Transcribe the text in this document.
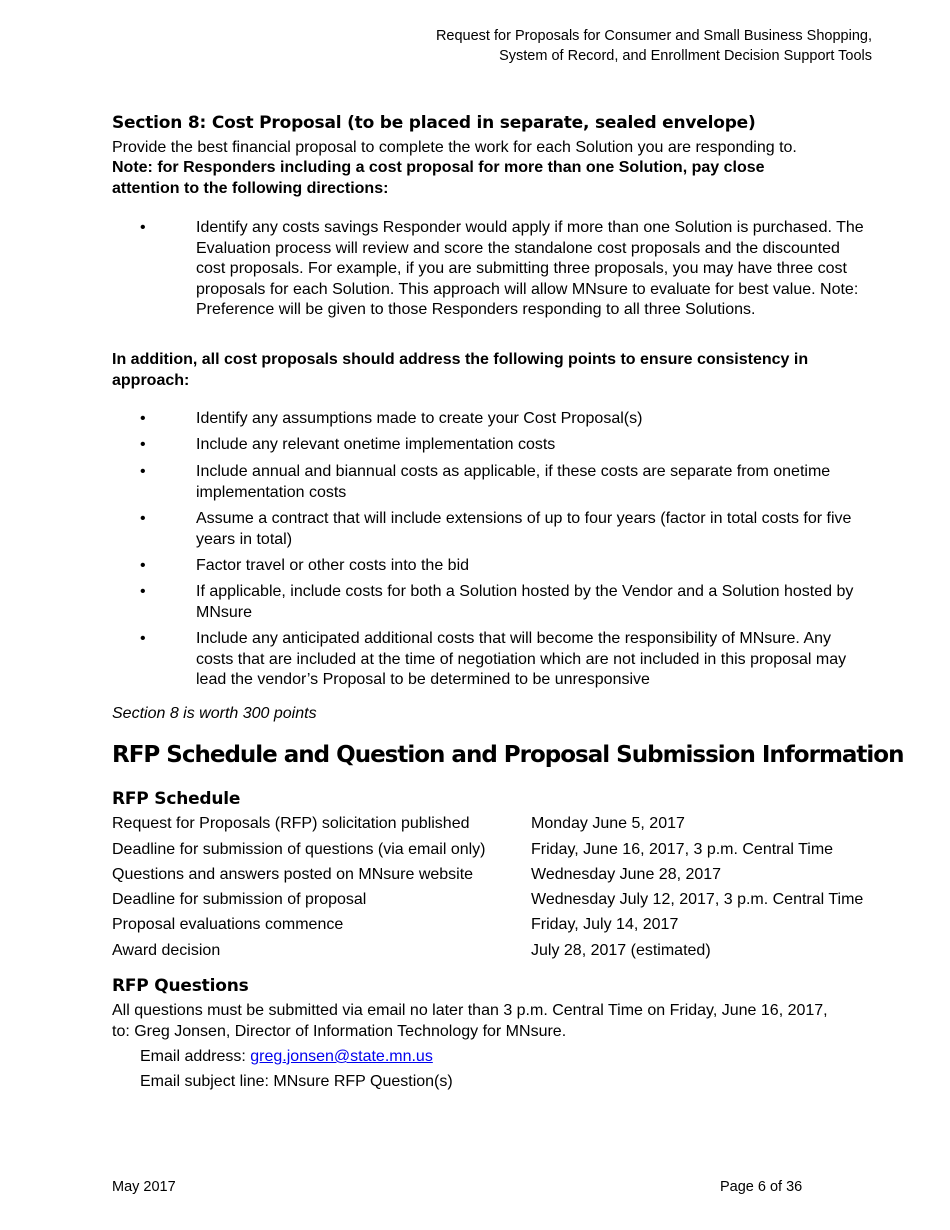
Request for Proposals for Consumer and Small Business Shopping,
System of Record, and Enrollment Decision Support Tools
Section 8: Cost Proposal (to be placed in separate, sealed envelope)
Provide the best financial proposal to complete the work for each Solution you are responding to.
Note: for Responders including a cost proposal for more than one Solution, pay close attention to the following directions:
•	Identify any costs savings Responder would apply if more than one Solution is purchased. The Evaluation process will review and score the standalone cost proposals and the discounted cost proposals. For example, if you are submitting three proposals, you may have three cost proposals for each Solution. This approach will allow MNsure to evaluate for best value. Note: Preference will be given to those Responders responding to all three Solutions.
In addition, all cost proposals should address the following points to ensure consistency in approach:
•	Identify any assumptions made to create your Cost Proposal(s)
•	Include any relevant onetime implementation costs
•	Include annual and biannual costs as applicable, if these costs are separate from onetime implementation costs
•	Assume a contract that will include extensions of up to four years (factor in total costs for five years in total)
•	Factor travel or other costs into the bid
•	If applicable, include costs for both a Solution hosted by the Vendor and a Solution hosted by MNsure
•	Include any anticipated additional costs that will become the responsibility of MNsure. Any costs that are included at the time of negotiation which are not included in this proposal may lead the vendor’s Proposal to be determined to be unresponsive
Section 8 is worth 300 points
RFP Schedule and Question and Proposal Submission Information
RFP Schedule
Request for Proposals (RFP) solicitation published	Monday June 5, 2017
Deadline for submission of questions (via email only)	Friday, June 16, 2017, 3 p.m. Central Time
Questions and answers posted on MNsure website	Wednesday June 28, 2017
Deadline for submission of proposal	Wednesday July 12, 2017, 3 p.m. Central Time
Proposal evaluations commence	Friday, July 14, 2017
Award decision	July 28, 2017 (estimated)
RFP Questions
All questions must be submitted via email no later than 3 p.m. Central Time on Friday, June 16, 2017, to: Greg Jonsen, Director of Information Technology for MNsure.
Email address: greg.jonsen@state.mn.us
Email subject line: MNsure RFP Question(s)
May 2017	Page 6 of 36
